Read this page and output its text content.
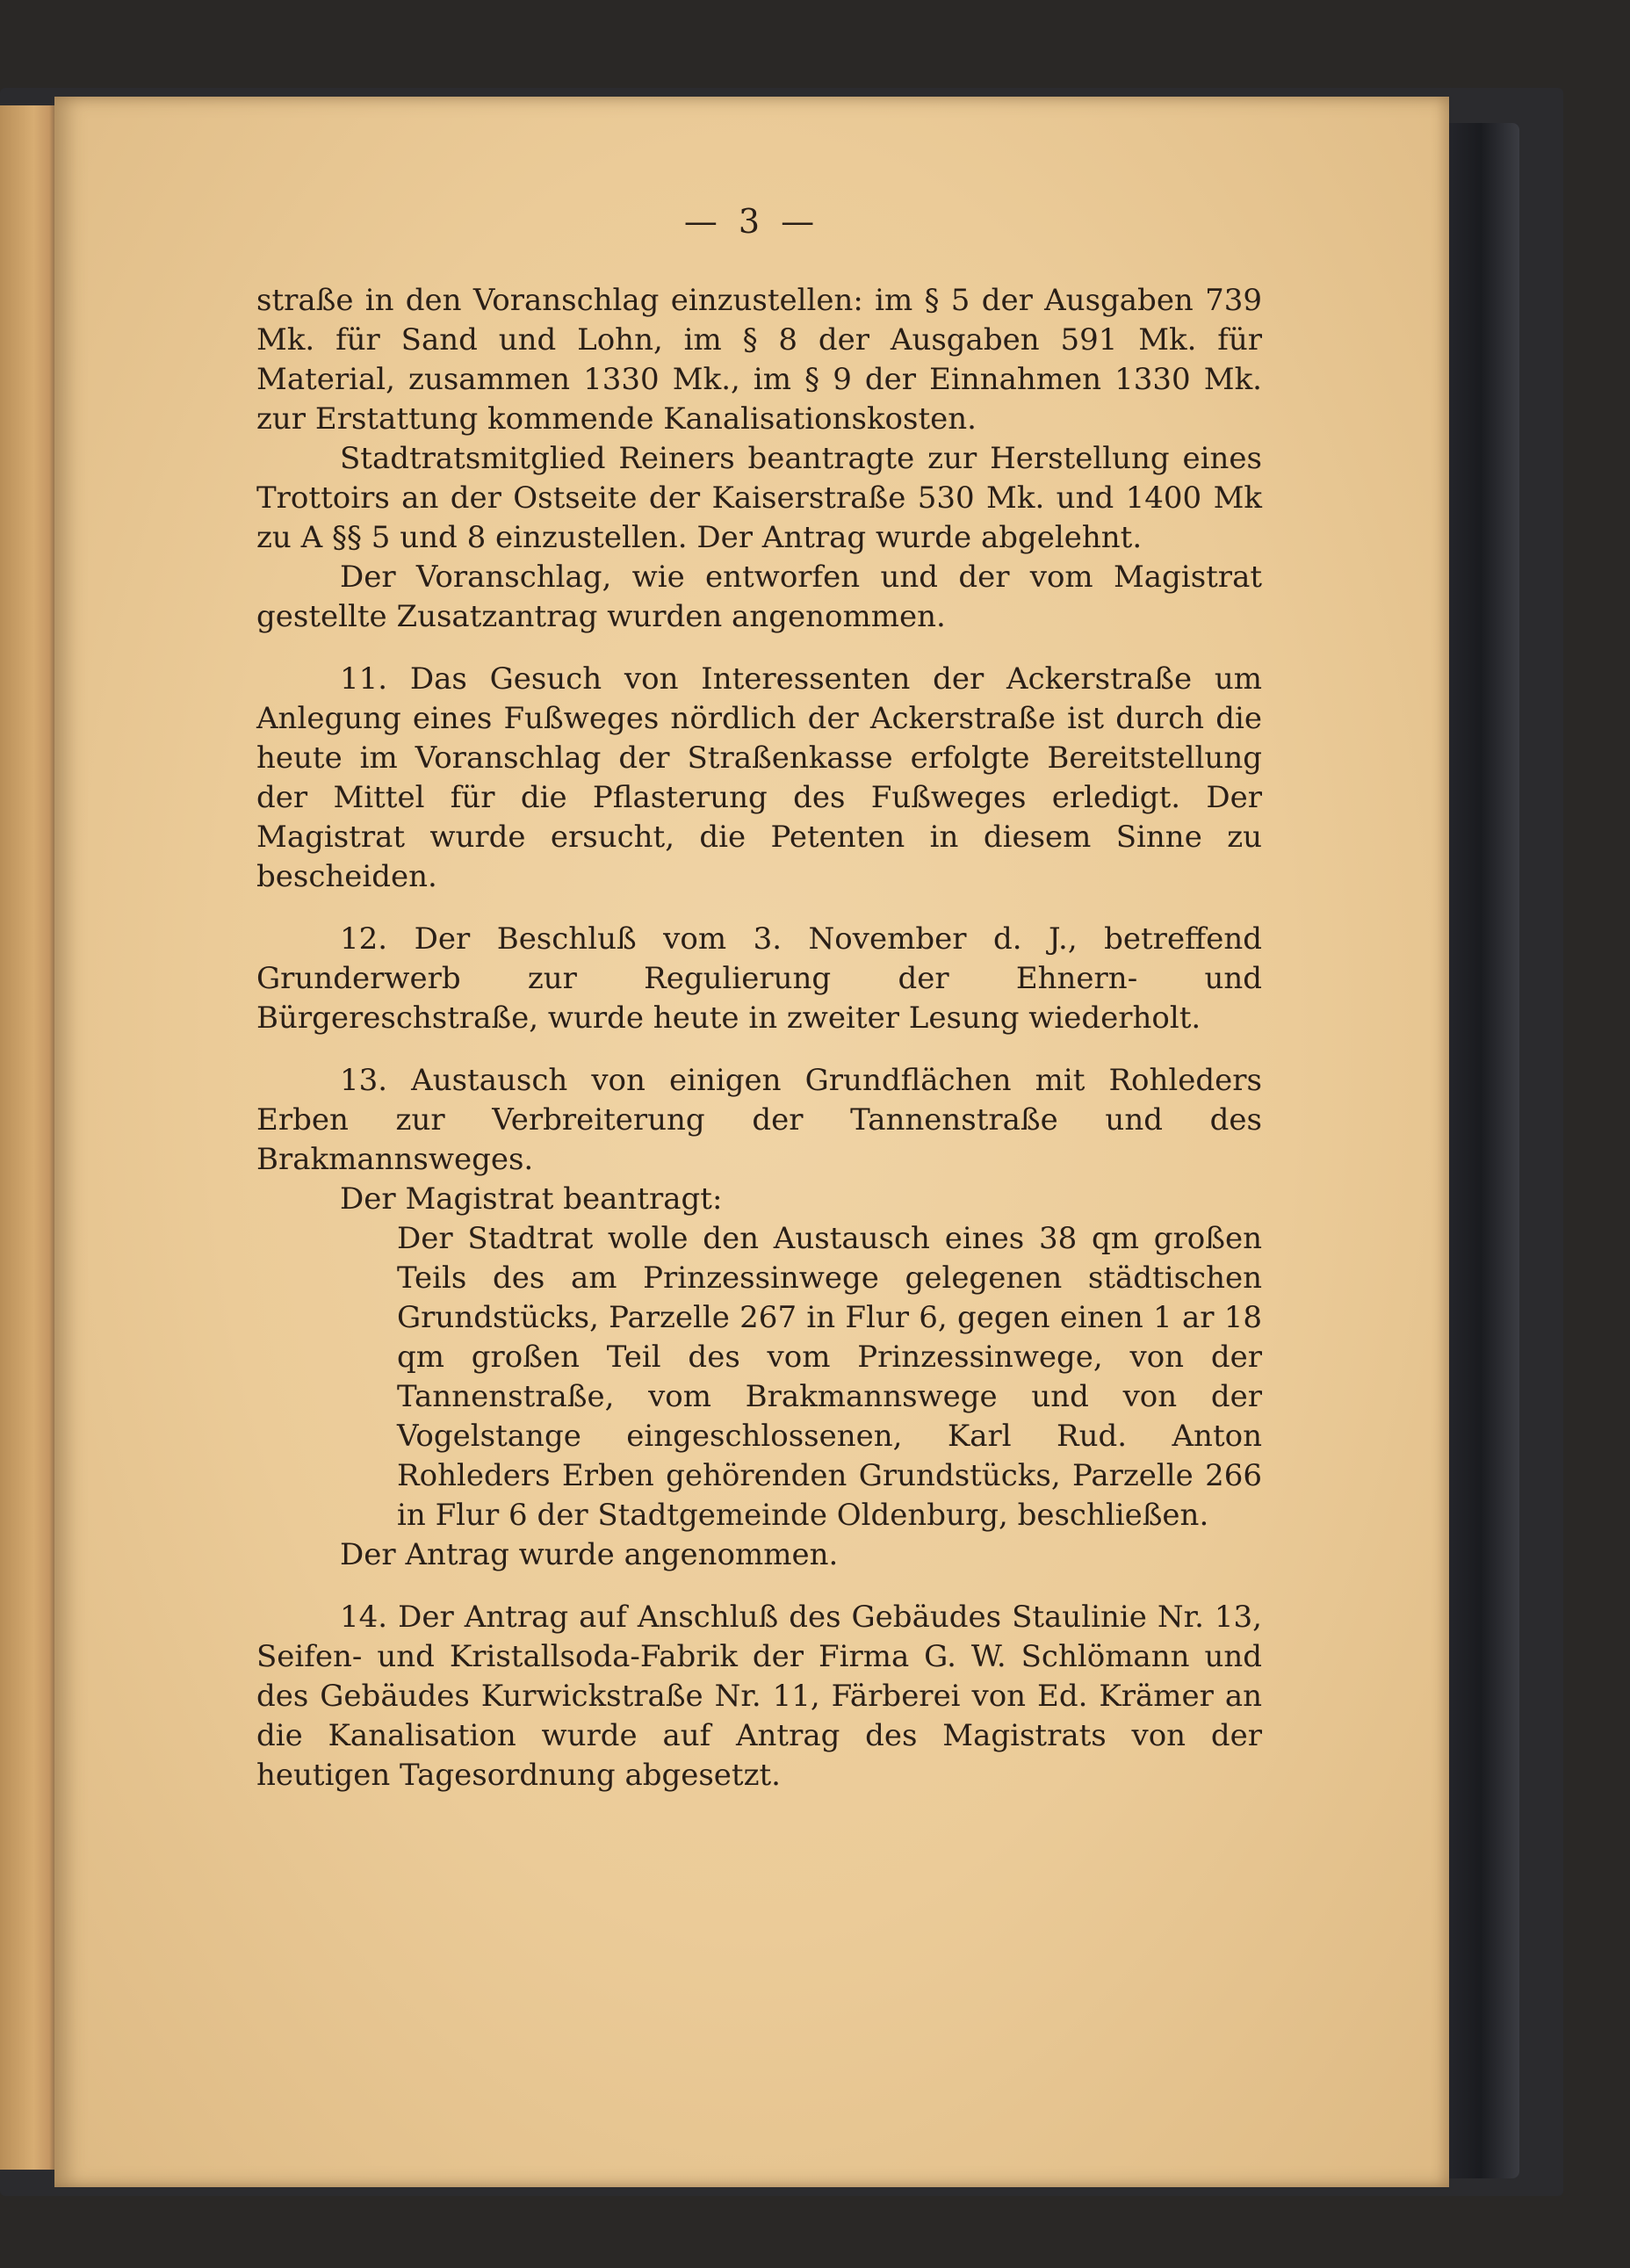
— 3 —

straße in den Voranschlag einzustellen: im § 5 der Ausgaben 739 Mk. für Sand und Lohn, im § 8 der Ausgaben 591 Mk. für Material, zusammen 1330 Mk., im § 9 der Einnahmen 1330 Mk. zur Erstattung kommende Kanalisationskosten.

Stadtratsmitglied Reiners beantragte zur Herstellung eines Trottoirs an der Ostseite der Kaiserstraße 530 Mk. und 1400 Mk zu A §§ 5 und 8 einzustellen. Der Antrag wurde abgelehnt.

Der Voranschlag, wie entworfen und der vom Magistrat gestellte Zusatzantrag wurden angenommen.

11. Das Gesuch von Interessenten der Ackerstraße um Anlegung eines Fußweges nördlich der Ackerstraße ist durch die heute im Voranschlag der Straßenkasse erfolgte Bereitstellung der Mittel für die Pflasterung des Fußweges erledigt. Der Magistrat wurde ersucht, die Petenten in diesem Sinne zu bescheiden.

12. Der Beschluß vom 3. November d. J., betreffend Grunderwerb zur Regulierung der Ehnern- und Bürgereschstraße, wurde heute in zweiter Lesung wiederholt.

13. Austausch von einigen Grundflächen mit Rohleders Erben zur Verbreiterung der Tannenstraße und des Brakmannsweges.

Der Magistrat beantragt:

Der Stadtrat wolle den Austausch eines 38 qm großen Teils des am Prinzessinwege gelegenen städtischen Grundstücks, Parzelle 267 in Flur 6, gegen einen 1 ar 18 qm großen Teil des vom Prinzessinwege, von der Tannenstraße, vom Brakmannswege und von der Vogelstange eingeschlossenen, Karl Rud. Anton Rohleders Erben gehörenden Grundstücks, Parzelle 266 in Flur 6 der Stadtgemeinde Oldenburg, beschließen.

Der Antrag wurde angenommen.

14. Der Antrag auf Anschluß des Gebäudes Staulinie Nr. 13, Seifen- und Kristallsoda-Fabrik der Firma G. W. Schlömann und des Gebäudes Kurwickstraße Nr. 11, Färberei von Ed. Krämer an die Kanalisation wurde auf Antrag des Magistrats von der heutigen Tagesordnung abgesetzt.
